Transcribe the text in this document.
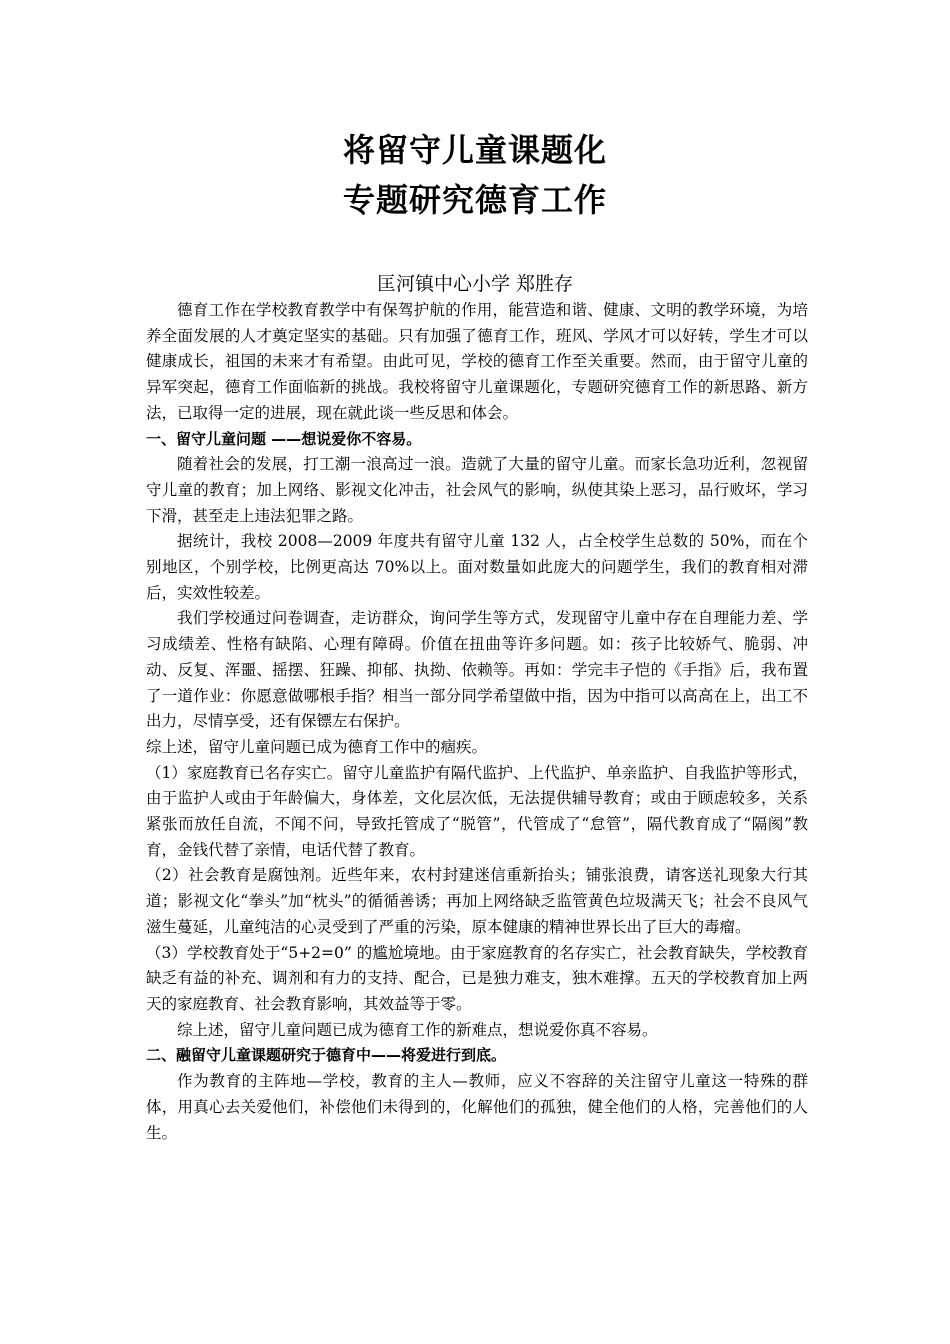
将留守儿童课题化
专题研究德育工作
匡河镇中心小学 郑胜存

德育工作在学校教育教学中有保驾护航的作用，能营造和谐、健康、文明的教学环境，为培养全面发展的人才奠定坚实的基础。只有加强了德育工作，班风、学风才可以好转，学生才可以健康成长，祖国的未来才有希望。由此可见，学校的德育工作至关重要。然而，由于留守儿童的异军突起，德育工作面临新的挑战。我校将留守儿童课题化，专题研究德育工作的新思路、新方法，已取得一定的进展，现在就此谈一些反思和体会。

一、留守儿童问题 ——想说爱你不容易。

随着社会的发展，打工潮一浪高过一浪。造就了大量的留守儿童。而家长急功近利，忽视留守儿童的教育；加上网络、影视文化冲击，社会风气的影响，纵使其染上恶习，品行败坏，学习下滑，甚至走上违法犯罪之路。

据统计，我校 2008—2009 年度共有留守儿童 132 人，占全校学生总数的 50%，而在个别地区，个别学校，比例更高达 70%以上。面对数量如此庞大的问题学生，我们的教育相对滞后，实效性较差。

我们学校通过问卷调查，走访群众，询问学生等方式，发现留守儿童中存在自理能力差、学习成绩差、性格有缺陷、心理有障碍。价值在扭曲等许多问题。如：孩子比较娇气、脆弱、冲动、反复、浑噩、摇摆、狂躁、抑郁、执拗、依赖等。再如：学完丰子恺的《手指》后，我布置了一道作业：你愿意做哪根手指？相当一部分同学希望做中指，因为中指可以高高在上，出工不出力，尽情享受，还有保镖左右保护。

综上述，留守儿童问题已成为德育工作中的痼疾。

（1）家庭教育已名存实亡。留守儿童监护有隔代监护、上代监护、单亲监护、自我监护等形式，由于监护人或由于年龄偏大，身体差，文化层次低，无法提供辅导教育；或由于顾虑较多，关系紧张而放任自流，不闻不问，导致托管成了“脱管”，代管成了“怠管”，隔代教育成了“隔阂”教育，金钱代替了亲情，电话代替了教育。

（2）社会教育是腐蚀剂。近些年来，农村封建迷信重新抬头；铺张浪费，请客送礼现象大行其道；影视文化“拳头”加“枕头”的循循善诱；再加上网络缺乏监管黄色垃圾满天飞；社会不良风气滋生蔓延，儿童纯洁的心灵受到了严重的污染，原本健康的精神世界长出了巨大的毒瘤。

（3）学校教育处于“5+2=0” 的尴尬境地。由于家庭教育的名存实亡，社会教育缺失，学校教育缺乏有益的补充、调剂和有力的支持、配合，已是独力难支，独木难撑。五天的学校教育加上两天的家庭教育、社会教育影响，其效益等于零。

综上述，留守儿童问题已成为德育工作的新难点，想说爱你真不容易。

二、融留守儿童课题研究于德育中——将爱进行到底。

作为教育的主阵地—学校，教育的主人—教师，应义不容辞的关注留守儿童这一特殊的群体，用真心去关爱他们，补偿他们未得到的，化解他们的孤独，健全他们的人格，完善他们的人生。
